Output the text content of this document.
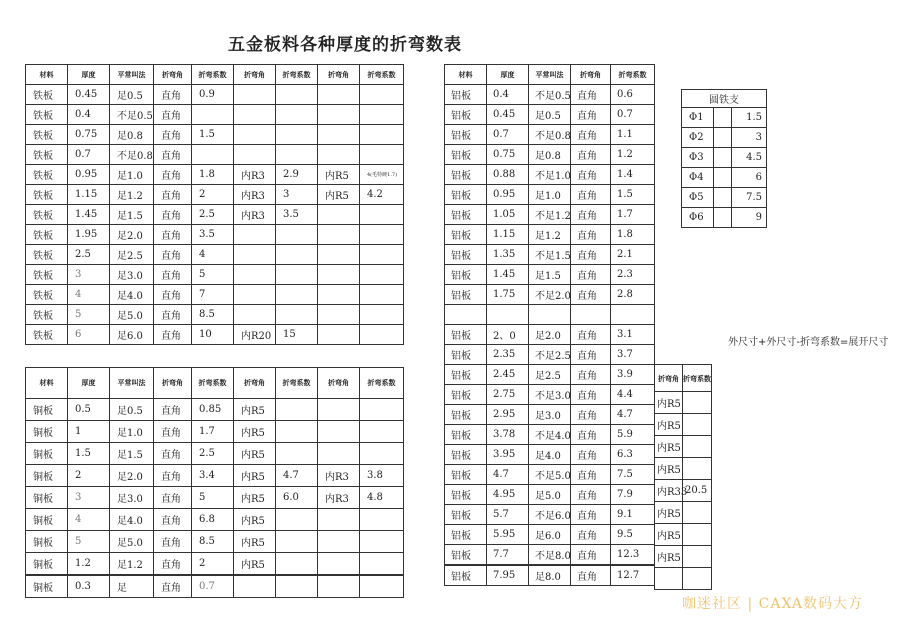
五金板料各种厚度的折弯数表
材料	厚度	平常叫法	折弯角	折弯系数	折弯角	折弯系数	折弯角	折弯系数
铁板	0.45	足0.5	直角	0.9				
铁板	0.4	不足0.5	直角					
铁板	0.75	足0.8	直角	1.5				
铁板	0.7	不足0.8	直角					
铁板	0.95	足1.0	直角	1.8	内R3	2.9	内R5	4(毛特硬1.7)
铁板	1.15	足1.2	直角	2	内R3	3	内R5	4.2
铁板	1.45	足1.5	直角	2.5	内R3	3.5		
铁板	1.95	足2.0	直角	3.5				
铁板	2.5	足2.5	直角	4				
铁板	3	足3.0	直角	5				
铁板	4	足4.0	直角	7				
铁板	5	足5.0	直角	8.5				
铁板	6	足6.0	直角	10	内R20	15		
材料	厚度	平常叫法	折弯角	折弯系数	折弯角	折弯系数	折弯角	折弯系数
铜板	0.5	足0.5	直角	0.85	内R5			
铜板	1	足1.0	直角	1.7	内R5			
铜板	1.5	足1.5	直角	2.5	内R5			
铜板	2	足2.0	直角	3.4	内R5	4.7	内R3	3.8
铜板	3	足3.0	直角	5	内R5	6.0	内R3	4.8
铜板	4	足4.0	直角	6.8	内R5			
铜板	5	足5.0	直角	8.5	内R5			
铜板	1.2	足1.2	直角	2	内R5			
铜板	0.3	足	直角	0.7				
材料	厚度	平常叫法	折弯角	折弯系数
铝板	0.4	不足0.5	直角	0.6
铝板	0.45	足0.5	直角	0.7
铝板	0.7	不足0.8	直角	1.1
铝板	0.75	足0.8	直角	1.2
铝板	0.88	不足1.0	直角	1.4
铝板	0.95	足1.0	直角	1.5
铝板	1.05	不足1.2	直角	1.7
铝板	1.15	足1.2	直角	1.8
铝板	1.35	不足1.5	直角	2.1
铝板	1.45	足1.5	直角	2.3
铝板	1.75	不足2.0	直角	2.8

铝板	2、0	足2.0	直角	3.1
铝板	2.35	不足2.5	直角	3.7
铝板	2.45	足2.5	直角	3.9
铝板	2.75	不足3.0	直角	4.4
铝板	2.95	足3.0	直角	4.7
铝板	3.78	不足4.0	直角	5.9
铝板	3.95	足4.0	直角	6.3
铝板	4.7	不足5.0	直角	7.5
铝板	4.95	足5.0	直角	7.9
铝板	5.7	不足6.0	直角	9.1
铝板	5.95	足6.0	直角	9.5
铝板	7.7	不足8.0	直角	12.3
铝板	7.95	足8.0	直角	12.7
折弯角	折弯系数
内R5	
内R5	
内R5	
内R5	
内R33	20.5
内R5	
内R5	
内R5	

圆铁支		
Φ1		1.5
Φ2		3
Φ3		4.5
Φ4		6
Φ5		7.5
Φ6		9
外尺寸+外尺寸-折弯系数=展开尺寸
咖迷社区 | CAXA数码大方
